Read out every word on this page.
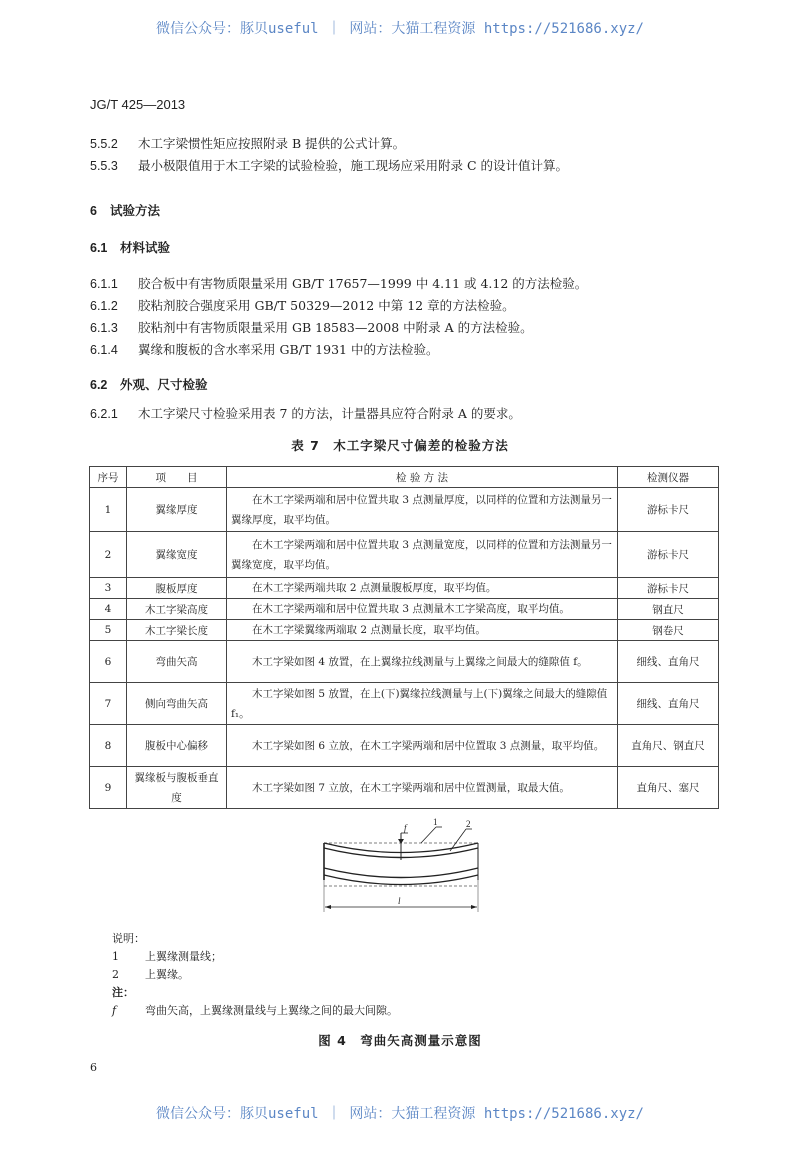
微信公众号：豚贝useful ｜ 网站：大猫工程资源 https://521686.xyz/
JG/T 425—2013
5.5.2 木工字梁惯性矩应按照附录 B 提供的公式计算。
5.5.3 最小极限值用于木工字梁的试验检验，施工现场应采用附录 C 的设计值计算。
6 试验方法
6.1 材料试验
6.1.1 胶合板中有害物质限量采用 GB/T 17657—1999 中 4.11 或 4.12 的方法检验。
6.1.2 胶粘剂胶合强度采用 GB/T 50329—2012 中第 12 章的方法检验。
6.1.3 胶粘剂中有害物质限量采用 GB 18583—2008 中附录 A 的方法检验。
6.1.4 翼缘和腹板的含水率采用 GB/T 1931 中的方法检验。
6.2 外观、尺寸检验
6.2.1 木工字梁尺寸检验采用表 7 的方法，计量器具应符合附录 A 的要求。
表 7　木工字梁尺寸偏差的检验方法
序号	项　　目	检 验 方 法	检测仪器
1	翼缘厚度	　　在木工字梁两端和居中位置共取 3 点测量厚度，以同样的位置和方法测量另一翼缘厚度，取平均值。	游标卡尺
2	翼缘宽度	　　在木工字梁两端和居中位置共取 3 点测量宽度，以同样的位置和方法测量另一翼缘宽度，取平均值。	游标卡尺
3	腹板厚度	　　在木工字梁两端共取 2 点测量腹板厚度，取平均值。	游标卡尺
4	木工字梁高度	　　在木工字梁两端和居中位置共取 3 点测量木工字梁高度，取平均值。	钢直尺
5	木工字梁长度	　　在木工字梁翼缘两端取 2 点测量长度，取平均值。	钢卷尺
6	弯曲矢高	　　木工字梁如图 4 放置，在上翼缘拉线测量与上翼缘之间最大的缝隙值 f。	细线、直角尺
7	侧向弯曲矢高	　　木工字梁如图 5 放置，在上(下)翼缘拉线测量与上(下)翼缘之间最大的缝隙值 f₁。	细线、直角尺
8	腹板中心偏移	　　木工字梁如图 6 立放，在木工字梁两端和居中位置取 3 点测量，取平均值。	直角尺、钢直尺
9	翼缘板与腹板垂直度	　　木工字梁如图 7 立放，在木工字梁两端和居中位置测量，取最大值。	直角尺、塞尺
f
1	2
l
说明：
1 上翼缘测量线；
2 上翼缘。
注：
f	弯曲矢高，上翼缘测量线与上翼缘之间的最大间隙。
图 4　弯曲矢高测量示意图
6
微信公众号：豚贝useful ｜ 网站：大猫工程资源 https://521686.xyz/
